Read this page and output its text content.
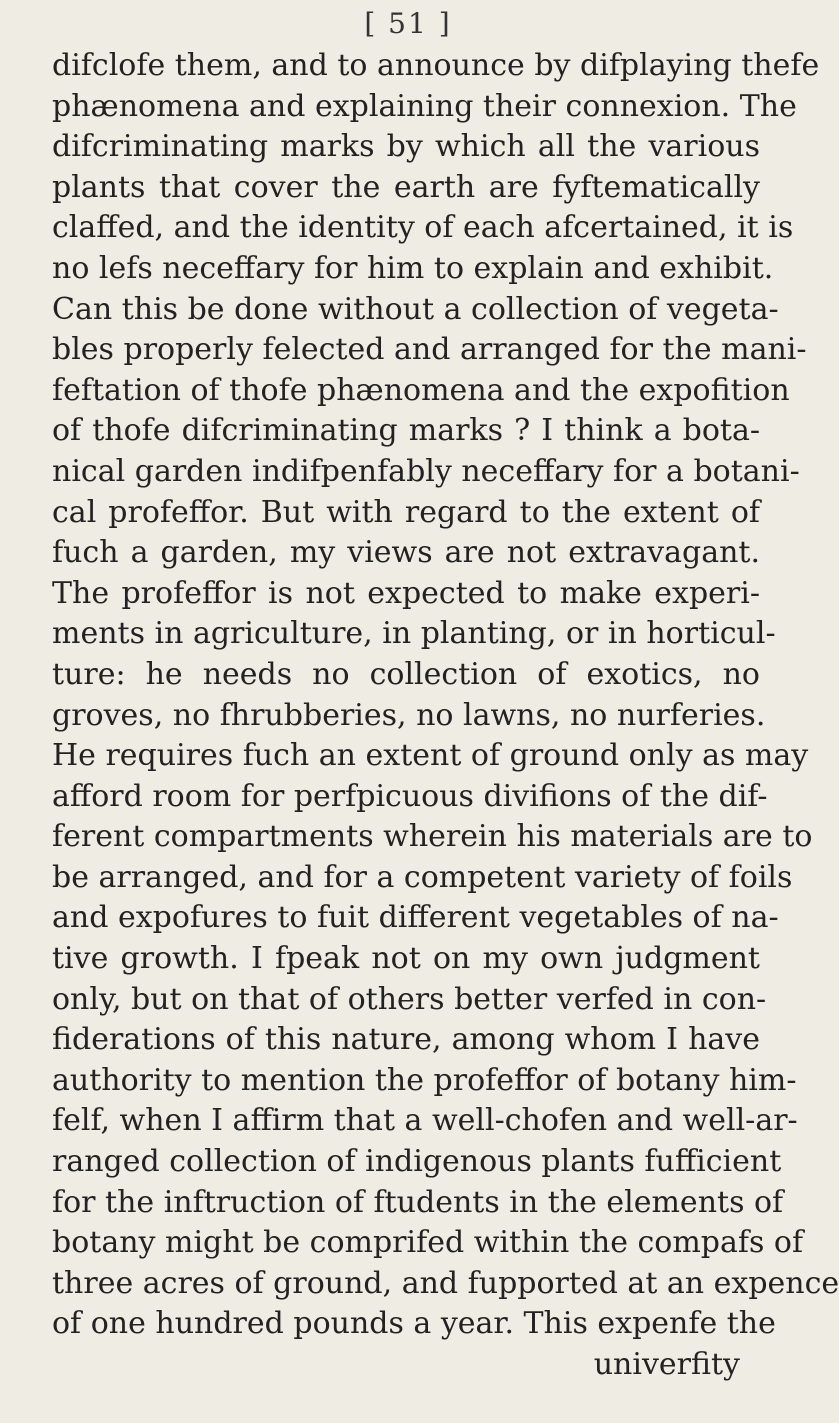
[ 51 ]
difclofe them, and to announce by difplaying thefe
phænomena and explaining their connexion. The
difcriminating marks by which all the various
plants that cover the earth are fyftematically
claffed, and the identity of each afcertained, it is
no lefs neceffary for him to explain and exhibit.
Can this be done without a collection of vegeta-
bles properly felected and arranged for the mani-
feftation of thofe phænomena and the expofition
of thofe difcriminating marks ? I think a bota-
nical garden indifpenfably neceffary for a botani-
cal profeffor. But with regard to the extent of
fuch a garden, my views are not extravagant.
The profeffor is not expected to make experi-
ments in agriculture, in planting, or in horticul-
ture: he needs no collection of exotics, no
groves, no fhrubberies, no lawns, no nurferies.
He requires fuch an extent of ground only as may
afford room for perfpicuous divifions of the dif-
ferent compartments wherein his materials are to
be arranged, and for a competent variety of foils
and expofures to fuit different vegetables of na-
tive growth. I fpeak not on my own judgment
only, but on that of others better verfed in con-
fiderations of this nature, among whom I have
authority to mention the profeffor of botany him-
felf, when I affirm that a well-chofen and well-ar-
ranged collection of indigenous plants fufficient
for the inftruction of ftudents in the elements of
botany might be comprifed within the compafs of
three acres of ground, and fupported at an expence
of one hundred pounds a year. This expenfe the
univerfity
